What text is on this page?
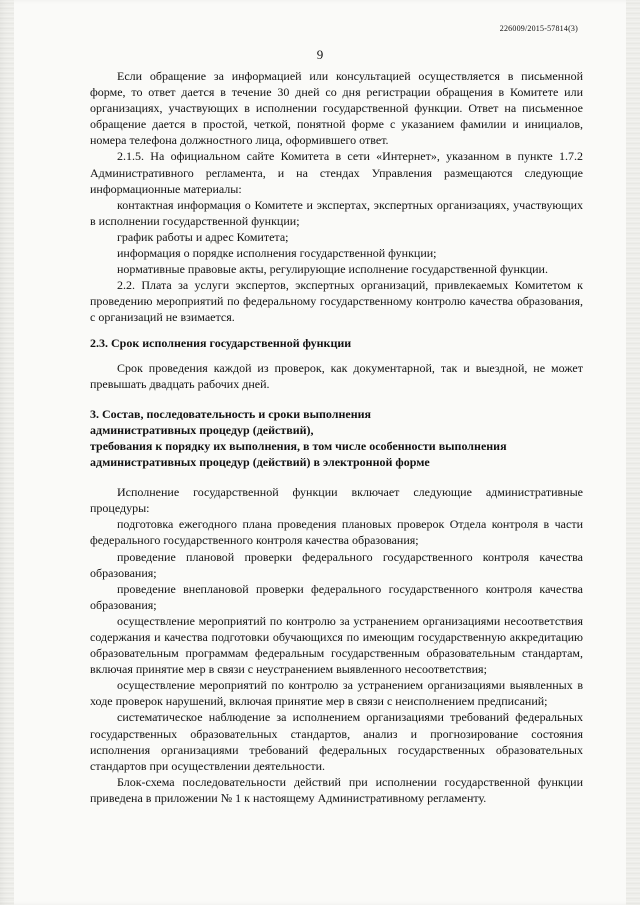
226009/2015-57814(3)
9

Если обращение за информацией или консультацией осуществляется в письменной форме, то ответ дается в течение 30 дней со дня регистрации обращения в Комитете или организациях, участвующих в исполнении государственной функции. Ответ на письменное обращение дается в простой, четкой, понятной форме с указанием фамилии и инициалов, номера телефона должностного лица, оформившего ответ.

2.1.5. На официальном сайте Комитета в сети «Интернет», указанном в пункте 1.7.2 Административного регламента, и на стендах Управления размещаются следующие информационные материалы:

контактная информация о Комитете и экспертах, экспертных организациях, участвующих в исполнении государственной функции;

график работы и адрес Комитета;

информация о порядке исполнения государственной функции;

нормативные правовые акты, регулирующие исполнение государственной функции.

2.2. Плата за услуги экспертов, экспертных организаций, привлекаемых Комитетом к проведению мероприятий по федеральному государственному контролю качества образования, с организаций не взимается.

2.3. Срок исполнения государственной функции

Срок проведения каждой из проверок, как документарной, так и выездной, не может превышать двадцать рабочих дней.

3. Состав, последовательность и сроки выполнения

административных процедур (действий),

требования к порядку их выполнения, в том числе особенности выполнения

административных процедур (действий) в электронной форме

Исполнение государственной функции включает следующие административные процедуры:

подготовка ежегодного плана проведения плановых проверок Отдела контроля в части федерального государственного контроля качества образования;

проведение плановой проверки федерального государственного контроля качества образования;

проведение внеплановой проверки федерального государственного контроля качества образования;

осуществление мероприятий по контролю за устранением организациями несоответствия содержания и качества подготовки обучающихся по имеющим государственную аккредитацию образовательным программам федеральным государственным образовательным стандартам, включая принятие мер в связи с неустранением выявленного несоответствия;

осуществление мероприятий по контролю за устранением организациями выявленных в ходе проверок нарушений, включая принятие мер в связи с неисполнением предписаний;

систематическое наблюдение за исполнением организациями требований федеральных государственных образовательных стандартов, анализ и прогнозирование состояния исполнения организациями требований федеральных государственных образовательных стандартов при осуществлении деятельности.

Блок-схема последовательности действий при исполнении государственной функции приведена в приложении № 1 к настоящему Административному регламенту.
